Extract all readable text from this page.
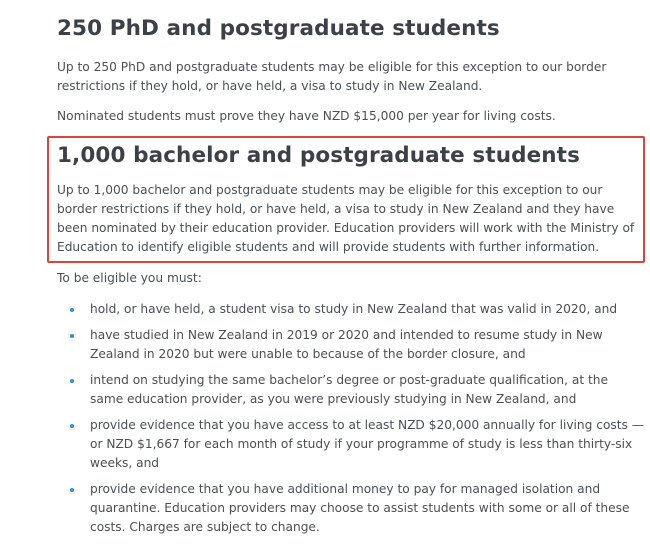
250 PhD and postgraduate students

Up to 250 PhD and postgraduate students may be eligible for this exception to our border restrictions if they hold, or have held, a visa to study in New Zealand.

Nominated students must prove they have NZD $15,000 per year for living costs.

1,000 bachelor and postgraduate students

Up to 1,000 bachelor and postgraduate students may be eligible for this exception to our border restrictions if they hold, or have held, a visa to study in New Zealand and they have been nominated by their education provider. Education providers will work with the Ministry of Education to identify eligible students and will provide students with further information.

To be eligible you must:

hold, or have held, a student visa to study in New Zealand that was valid in 2020, and
have studied in New Zealand in 2019 or 2020 and intended to resume study in New Zealand in 2020 but were unable to because of the border closure, and
intend on studying the same bachelor’s degree or post-graduate qualification, at the same education provider, as you were previously studying in New Zealand, and
provide evidence that you have access to at least NZD $20,000 annually for living costs — or NZD $1,667 for each month of study if your programme of study is less than thirty-six weeks, and
provide evidence that you have additional money to pay for managed isolation and quarantine. Education providers may choose to assist students with some or all of these costs. Charges are subject to change.
